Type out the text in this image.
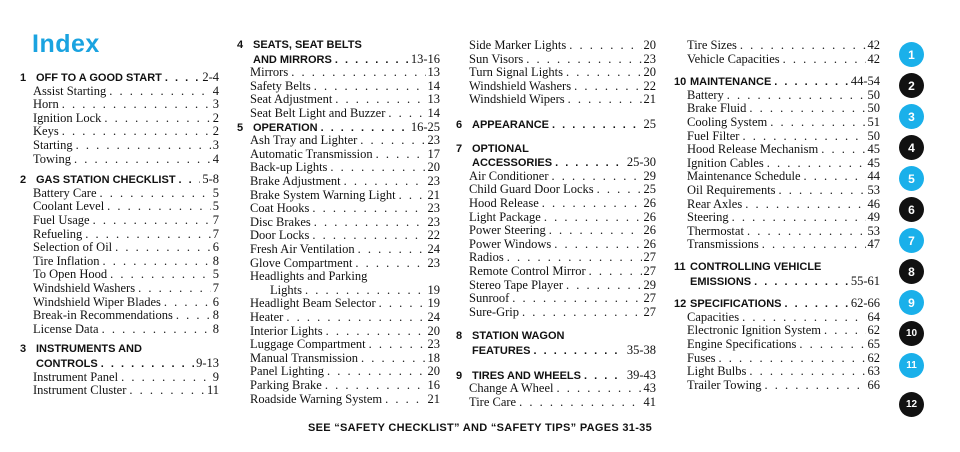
Index
1 OFF TO A GOOD START . . .	2-4
Assist Starting . . .	4
Horn . . .	3
Ignition Lock . . .	2
Keys . . .	2
Starting . . .	3
Towing . . .	4
2 GAS STATION CHECKLIST . . . 5-8
Battery Care . . .	5
Coolant Level . . .	5
Fuel Usage . . .	7
Refueling . . .	7
Selection of Oil . . .	6
Tire Inflation . . .	8
To Open Hood . . .	5
Windshield Washers . . .	7
Windshield Wiper Blades . . .	6
Break-in Recommendations . . .	8
License Data . . .	8
3 INSTRUMENTS AND
CONTROLS . . .	9-13
Instrument Panel . . .	9
Instrument Cluster . . .	11
4 SEATS, SEAT BELTS
AND MIRRORS . . .	13-16
Mirrors . . .	13
Safety Belts . . .	14
Seat Adjustment . . .	13
Seat Belt Light and Buzzer . . .	14
5 OPERATION . . .	16-25
Ash Tray and Lighter . . .	23
Automatic Transmission . . .	17
Back-up Lights . . .	20
Brake Adjustment . . .	23
Brake System Warning Light . . .	21
Coat Hooks . . .	23
Disc Brakes . . .	23
Door Locks . . .	22
Fresh Air Ventilation . . .	24
Glove Compartment . . .	23
Headlights and Parking
Lights . . .	19
Headlight Beam Selector . . .	19
Heater . . .	24
Interior Lights . . .	20
Luggage Compartment . . .	23
Manual Transmission . . .	18
Panel Lighting . . .	20
Parking Brake . . .	16
Roadside Warning System . . .	21
Side Marker Lights . . .	20
Sun Visors . . .	23
Turn Signal Lights . . .	20
Windshield Washers . . .	22
Windshield Wipers . . .	21
6 APPEARANCE . . .	25
7 OPTIONAL
ACCESSORIES . . .	25-30
Air Conditioner . . .	29
Child Guard Door Locks . . .	25
Hood Release . . .	26
Light Package . . .	26
Power Steering . . .	26
Power Windows . . .	26
Radios . . .	27
Remote Control Mirror . . .	27
Stereo Tape Player . . .	29
Sunroof . . .	27
Sure-Grip . . .	27
8 STATION WAGON
FEATURES . . .	35-38
9 TIRES AND WHEELS . . .	39-43
Change A Wheel . . .	43
Tire Care . . .	41
Tire Sizes . . .	42
Vehicle Capacities . . .	42
10 MAINTENANCE . . .	44-54
Battery . . .	50
Brake Fluid . . .	50
Cooling System . . .	51
Fuel Filter . . .	50
Hood Release Mechanism . . .	45
Ignition Cables . . .	45
Maintenance Schedule . . .	44
Oil Requirements . . .	53
Rear Axles . . .	46
Steering . . .	49
Thermostat . . .	53
Transmissions . . .	47
11 CONTROLLING VEHICLE
EMISSIONS . . .	55-61
12 SPECIFICATIONS . . .	62-66
Capacities . . .	64
Electronic Ignition System . . .	62
Engine Specifications . . .	65
Fuses . . .	62
Light Bulbs . . .	63
Trailer Towing . . .	66
1
2
3
4
5
6
7
8
9
10
11
12
SEE “SAFETY CHECKLIST” AND “SAFETY TIPS” PAGES 31-35
